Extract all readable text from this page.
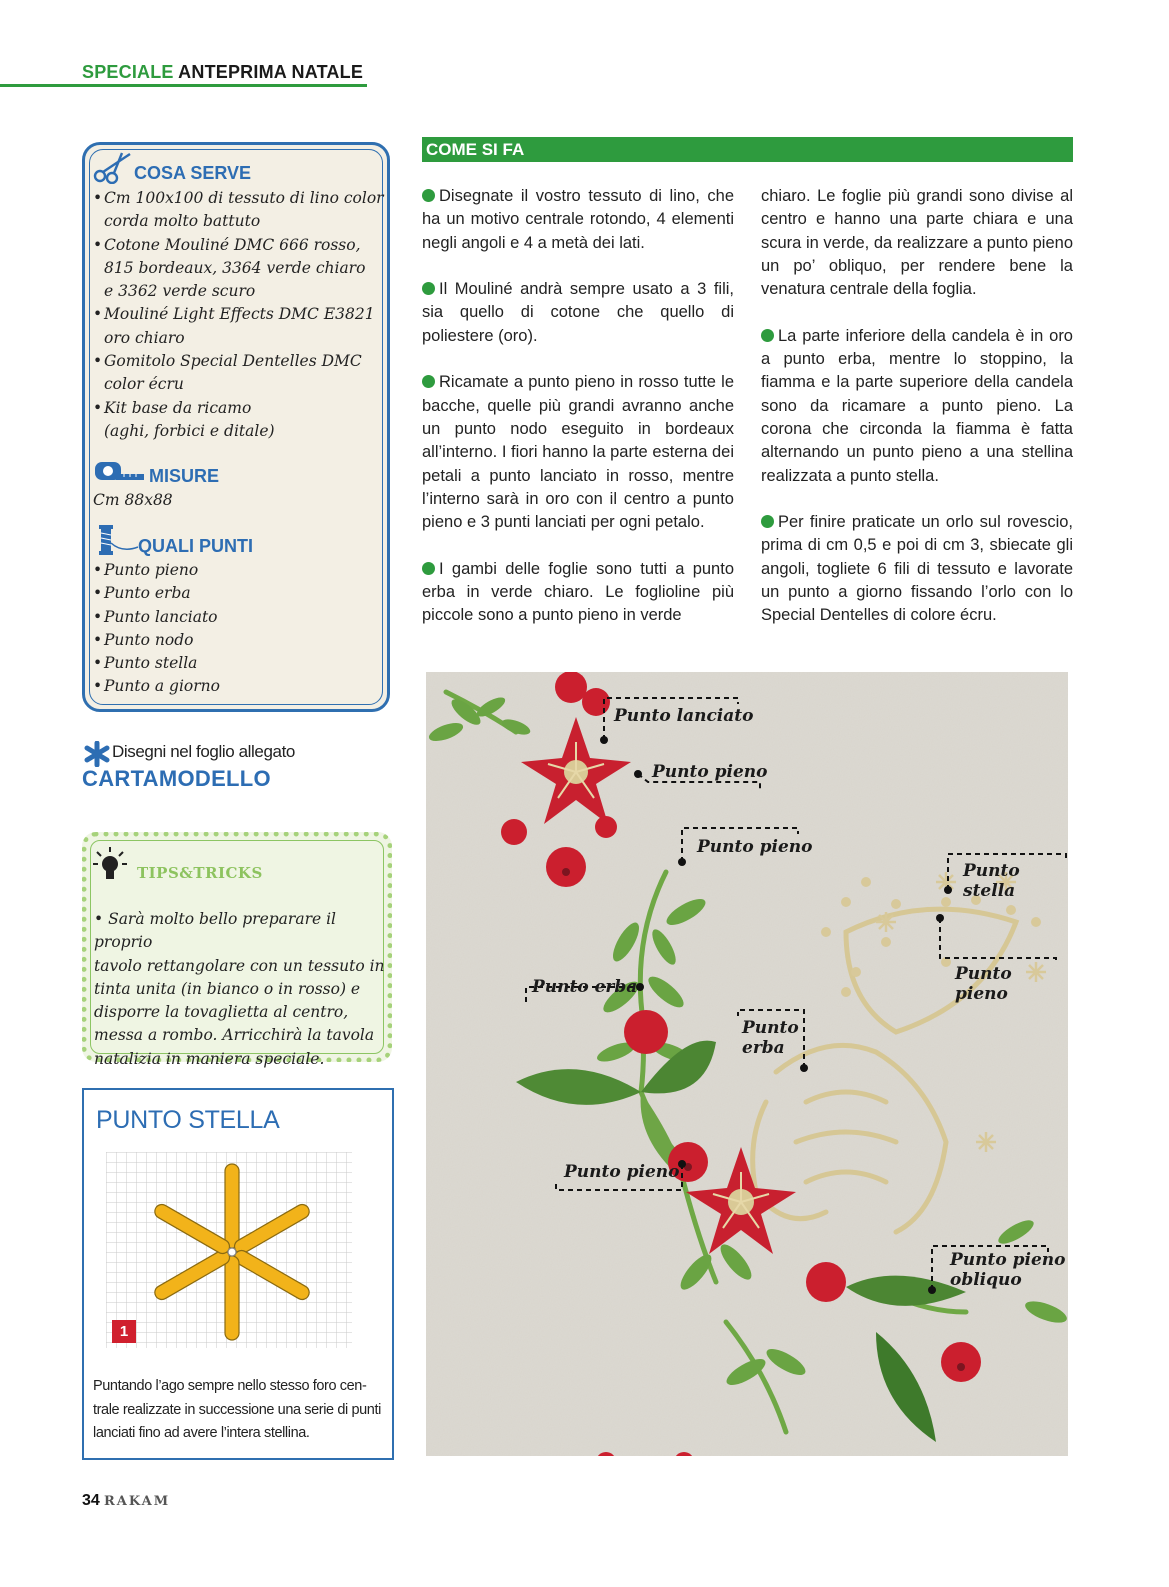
SPECIALE ANTEPRIMA NATALE
COSA SERVE
• Cm 100x100 di tessuto di lino color
corda molto battuto
• Cotone Mouliné DMC 666 rosso,
815 bordeaux, 3364 verde chiaro
e 3362 verde scuro
• Mouliné Light Effects DMC E3821
oro chiaro
• Gomitolo Special Dentelles DMC
color écru
• Kit base da ricamo
(aghi, forbici e ditale)
MISURE
Cm 88x88
QUALI PUNTI
• Punto pieno
• Punto erba
• Punto lanciato
• Punto nodo
• Punto stella
• Punto a giorno
Disegni nel foglio allegato
CARTAMODELLO
TIPS&TRICKS
• Sarà molto bello preparare il proprio
tavolo rettangolare con un tessuto in
tinta unita (in bianco o in rosso) e
disporre la tovaglietta al centro,
messa a rombo. Arricchirà la tavola
natalizia in maniera speciale.
PUNTO STELLA
1
Puntando l’ago sempre nello stesso foro cen-
trale realizzate in successione una serie di punti
lanciati fino ad avere l’intera stellina.
34 RAKAM
COME SI FA

Disegnate il vostro tessuto di lino, che ha un motivo centrale rotondo, 4 elementi negli angoli e 4 a metà dei lati.

Il Mouliné andrà sempre usato a 3 fili, sia quello di cotone che quello di poliestere (oro).

Ricamate a punto pieno in rosso tutte le bacche, quelle più grandi avranno anche un punto nodo eseguito in bordeaux all’interno. I fiori hanno la parte esterna dei petali a punto lanciato in rosso, mentre l’interno sarà in oro con il centro a punto pieno e 3 punti lanciati per ogni petalo.

I gambi delle foglie sono tutti a punto erba in verde chiaro. Le foglioline più piccole sono a punto pieno in verde

chiaro. Le foglie più grandi sono divise al centro e hanno una parte chiara e una scura in verde, da realizzare a punto pieno un po’ obliquo, per rendere bene la venatura centrale della foglia.

La parte inferiore della candela è in oro a punto erba, mentre lo stoppino, la fiamma e la parte superiore della candela sono da ricamare a punto pieno. La corona che circonda la fiamma è fatta alternando un punto pieno a una stellina realizzata a punto stella.

Per finire praticate un orlo sul rovescio, prima di cm 0,5 e poi di cm 3, sbiecate gli angoli, togliete 6 fili di tessuto e lavorate un punto a giorno fissando l’orlo con lo Special Dentelles di colore écru.

Punto lanciato
Punto pieno
Punto pieno
Punto stella
Punto pieno
Punto erba
Punto
erba
Punto pieno
Punto pieno
obliquo
